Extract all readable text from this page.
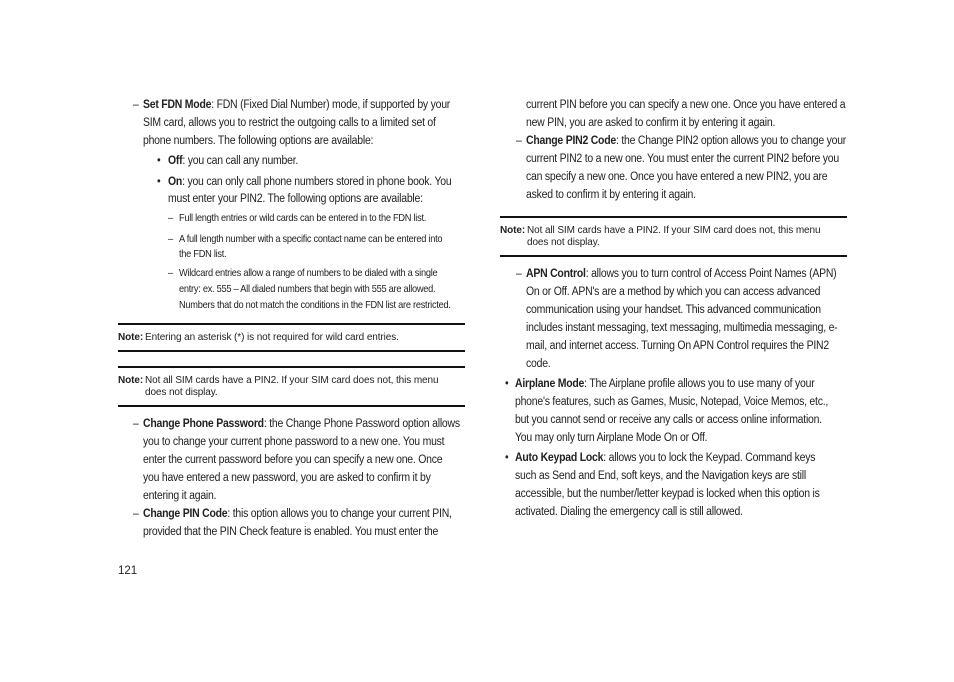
– Set FDN Mode: FDN (Fixed Dial Number) mode, if supported by your
SIM card, allows you to restrict the outgoing calls to a limited set of
phone numbers. The following options are available:
• Off: you can call any number.
• On: you can only call phone numbers stored in phone book. You
must enter your PIN2. The following options are available:
– Full length entries or wild cards can be entered in to the FDN list.
– A full length number with a specific contact name can be entered into
the FDN list.
– Wildcard entries allow a range of numbers to be dialed with a single
entry: ex. 555 – All dialed numbers that begin with 555 are allowed.
Numbers that do not match the conditions in the FDN list are restricted.
Note: Entering an asterisk (*) is not required for wild card entries.
Note: Not all SIM cards have a PIN2. If your SIM card does not, this menu
does not display.
– Change Phone Password: the Change Phone Password option allows
you to change your current phone password to a new one. You must
enter the current password before you can specify a new one. Once
you have entered a new password, you are asked to confirm it by
entering it again.
– Change PIN Code: this option allows you to change your current PIN,
provided that the PIN Check feature is enabled. You must enter the
current PIN before you can specify a new one. Once you have entered a
new PIN, you are asked to confirm it by entering it again.
– Change PIN2 Code: the Change PIN2 option allows you to change your
current PIN2 to a new one. You must enter the current PIN2 before you
can specify a new one. Once you have entered a new PIN2, you are
asked to confirm it by entering it again.
Note: Not all SIM cards have a PIN2. If your SIM card does not, this menu
does not display.
– APN Control: allows you to turn control of Access Point Names (APN)
On or Off. APN's are a method by which you can access advanced
communication using your handset. This advanced communication
includes instant messaging, text messaging, multimedia messaging, e-
mail, and internet access. Turning On APN Control requires the PIN2
code.
• Airplane Mode: The Airplane profile allows you to use many of your
phone's features, such as Games, Music, Notepad, Voice Memos, etc.,
but you cannot send or receive any calls or access online information.
You may only turn Airplane Mode On or Off.
• Auto Keypad Lock: allows you to lock the Keypad. Command keys
such as Send and End, soft keys, and the Navigation keys are still
accessible, but the number/letter keypad is locked when this option is
activated. Dialing the emergency call is still allowed.
121
